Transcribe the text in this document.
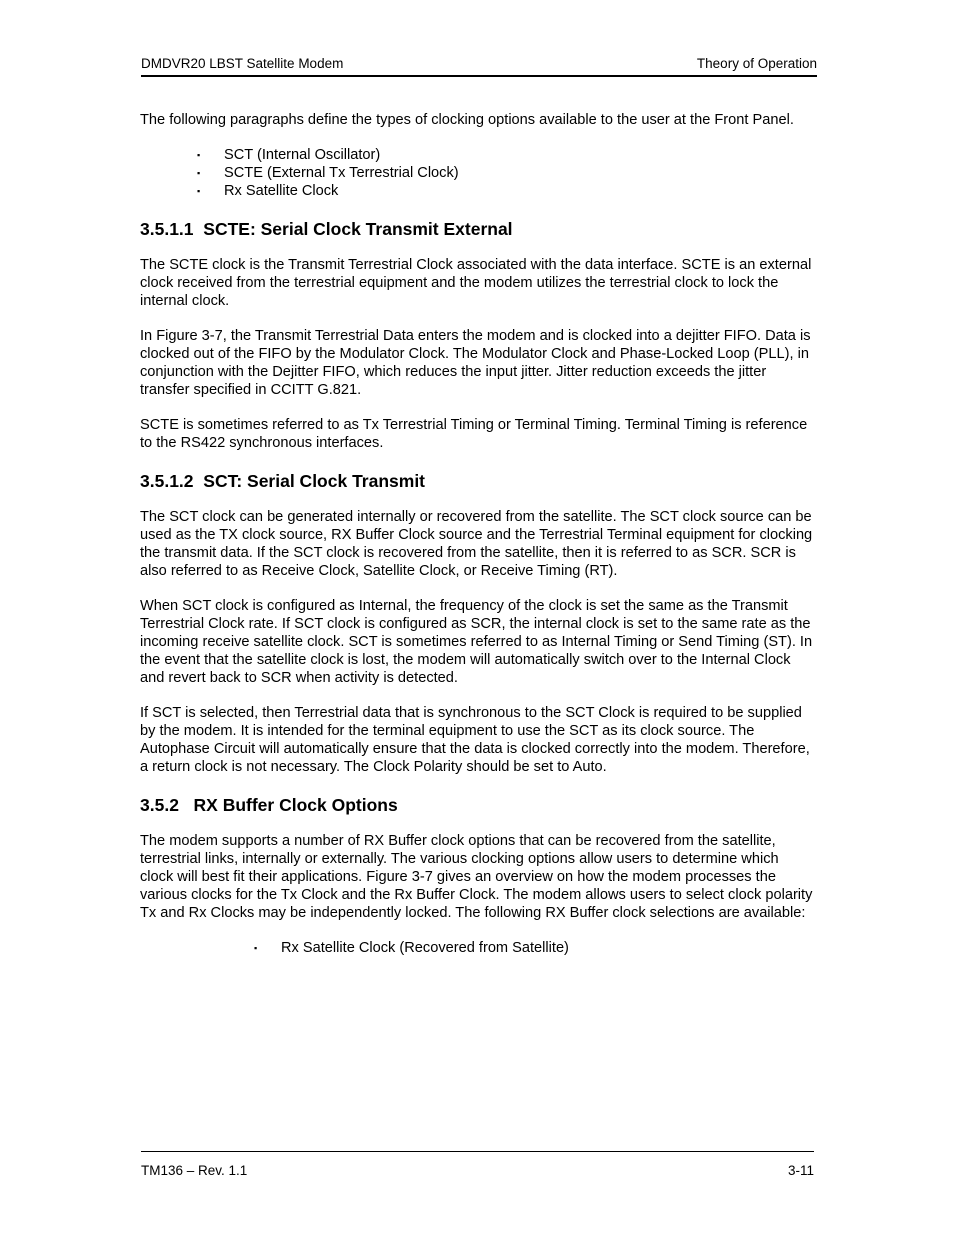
DMDVR20 LBST Satellite Modem	Theory of Operation

The following paragraphs define the types of clocking options available to the user at the Front Panel.

▪ SCT (Internal Oscillator)
▪ SCTE (External Tx Terrestrial Clock)
▪ Rx Satellite Clock
3.5.1.1 SCTE: Serial Clock Transmit External

The SCTE clock is the Transmit Terrestrial Clock associated with the data interface. SCTE is an external clock received from the terrestrial equipment and the modem utilizes the terrestrial clock to lock the internal clock.

In Figure 3-7, the Transmit Terrestrial Data enters the modem and is clocked into a dejitter FIFO. Data is clocked out of the FIFO by the Modulator Clock. The Modulator Clock and Phase-Locked Loop (PLL), in conjunction with the Dejitter FIFO, which reduces the input jitter. Jitter reduction exceeds the jitter transfer specified in CCITT G.821.

SCTE is sometimes referred to as Tx Terrestrial Timing or Terminal Timing. Terminal Timing is reference to the RS422 synchronous interfaces.

3.5.1.2 SCT: Serial Clock Transmit

The SCT clock can be generated internally or recovered from the satellite. The SCT clock source can be used as the TX clock source, RX Buffer Clock source and the Terrestrial Terminal equipment for clocking the transmit data. If the SCT clock is recovered from the satellite, then it is referred to as SCR. SCR is also referred to as Receive Clock, Satellite Clock, or Receive Timing (RT).

When SCT clock is configured as Internal, the frequency of the clock is set the same as the Transmit Terrestrial Clock rate. If SCT clock is configured as SCR, the internal clock is set to the same rate as the incoming receive satellite clock. SCT is sometimes referred to as Internal Timing or Send Timing (ST). In the event that the satellite clock is lost, the modem will automatically switch over to the Internal Clock and revert back to SCR when activity is detected.

If SCT is selected, then Terrestrial data that is synchronous to the SCT Clock is required to be supplied by the modem. It is intended for the terminal equipment to use the SCT as its clock source. The Autophase Circuit will automatically ensure that the data is clocked correctly into the modem. Therefore, a return clock is not necessary. The Clock Polarity should be set to Auto.

3.5.2 RX Buffer Clock Options

The modem supports a number of RX Buffer clock options that can be recovered from the satellite, terrestrial links, internally or externally. The various clocking options allow users to determine which clock will best fit their applications. Figure 3-7 gives an overview on how the modem processes the various clocks for the Tx Clock and the Rx Buffer Clock. The modem allows users to select clock polarity Tx and Rx Clocks may be independently locked. The following RX Buffer clock selections are available:

▪ Rx Satellite Clock (Recovered from Satellite)
TM136 – Rev. 1.1	3-11
